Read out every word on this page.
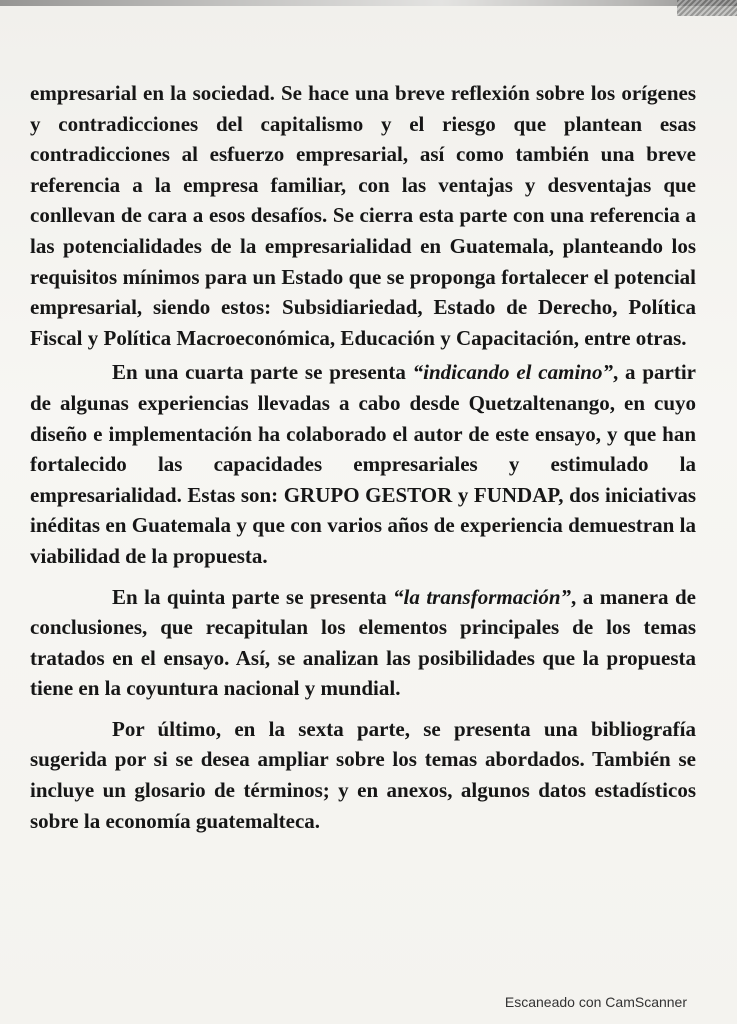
empresarial en la sociedad. Se hace una breve reflexión sobre los orígenes y contradicciones del capitalismo y el riesgo que plantean esas contradicciones al esfuerzo empresarial, así como también una breve referencia a la empresa familiar, con las ventajas y desventajas que conllevan de cara a esos desafíos. Se cierra esta parte con una referencia a las potencialidades de la empresarialidad en Guatemala, planteando los requisitos mínimos para un Estado que se proponga fortalecer el potencial empresarial, siendo estos: Subsidiariedad, Estado de Derecho, Política Fiscal y Política Macroeconómica, Educación y Capacitación, entre otras.

En una cuarta parte se presenta “indicando el camino”, a partir de algunas experiencias llevadas a cabo desde Quetzaltenango, en cuyo diseño e implementación ha colaborado el autor de este ensayo, y que han fortalecido las capacidades empresariales y estimulado la empresarialidad. Estas son: GRUPO GESTOR y FUNDAP, dos iniciativas inéditas en Guatemala y que con varios años de experiencia demuestran la viabilidad de la propuesta.

En la quinta parte se presenta “la transformación”, a manera de conclusiones, que recapitulan los elementos principales de los temas tratados en el ensayo. Así, se analizan las posibilidades que la propuesta tiene en la coyuntura nacional y mundial.

Por último, en la sexta parte, se presenta una bibliografía sugerida por si se desea ampliar sobre los temas abordados. También se incluye un glosario de términos; y en anexos, algunos datos estadísticos sobre la economía guatemalteca.

Escaneado con CamScanner
